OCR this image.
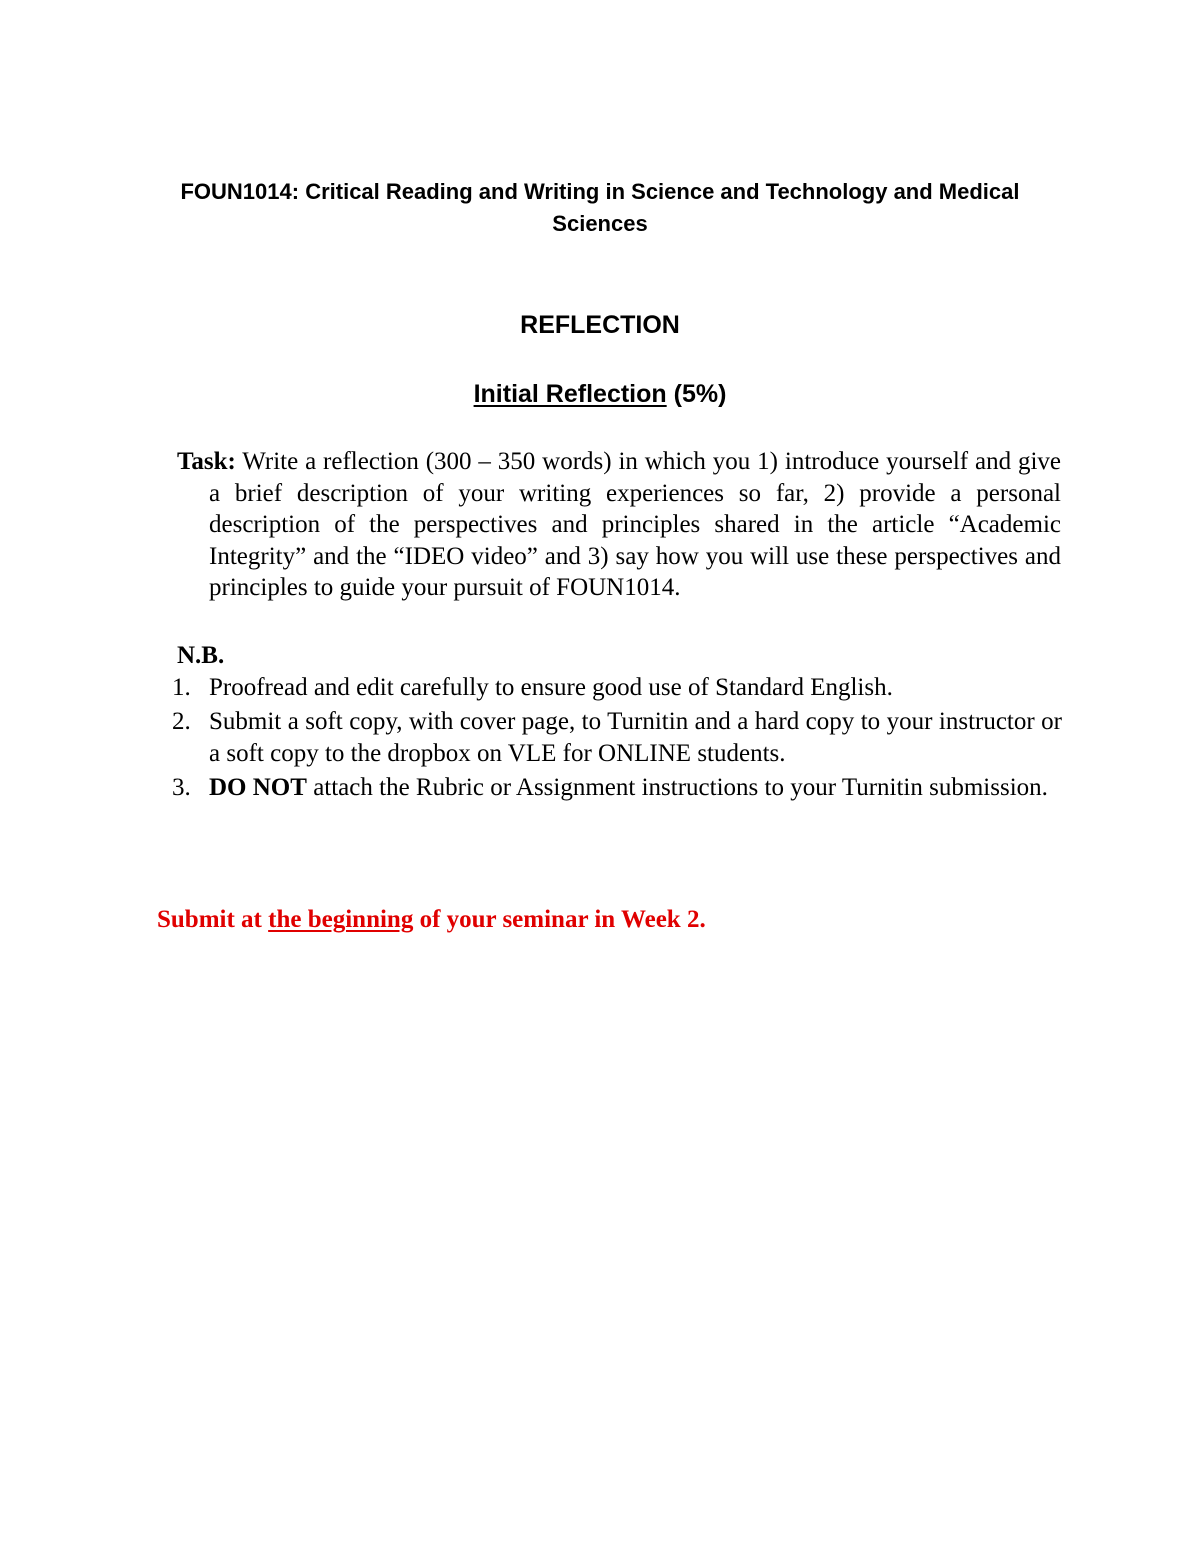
FOUN1014: Critical Reading and Writing in Science and Technology and Medical Sciences
REFLECTION
Initial Reflection (5%)

Task: Write a reflection (300 – 350 words) in which you 1) introduce yourself and give a brief description of your writing experiences so far, 2) provide a personal description of the perspectives and principles shared in the article “Academic Integrity” and the “IDEO video” and 3) say how you will use these perspectives and principles to guide your pursuit of FOUN1014.

N.B.

1. Proofread and edit carefully to ensure good use of Standard English.
2. Submit a soft copy, with cover page, to Turnitin and a hard copy to your instructor or a soft copy to the dropbox on VLE for ONLINE students.
3. DO NOT attach the Rubric or Assignment instructions to your Turnitin submission.

Submit at the beginning of your seminar in Week 2.
